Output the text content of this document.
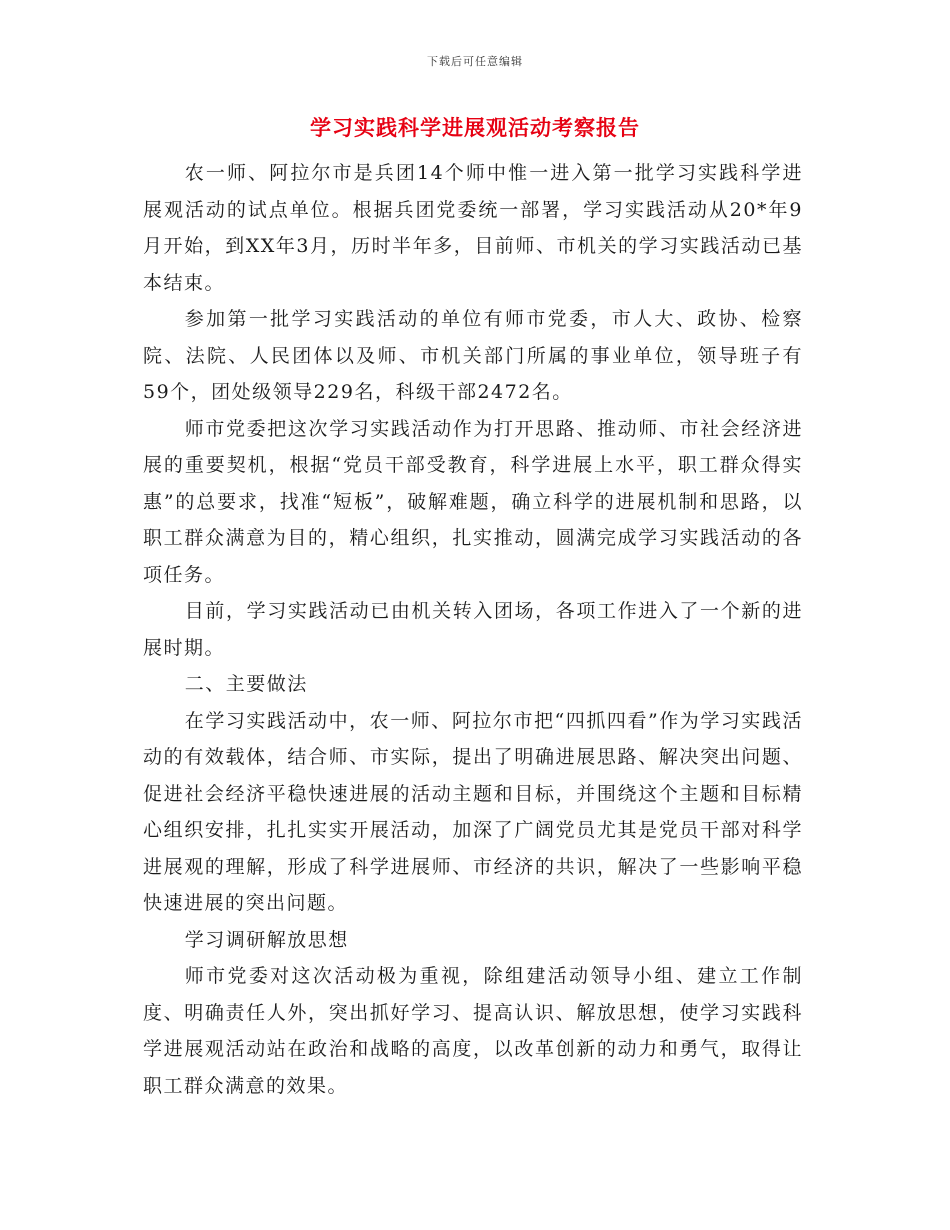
下载后可任意编辑
学习实践科学进展观活动考察报告

农一师、阿拉尔市是兵团14个师中惟一进入第一批学习实践科学进展观活动的试点单位。根据兵团党委统一部署，学习实践活动从20*年9月开始，到XX年3月，历时半年多，目前师、市机关的学习实践活动已基本结束。

参加第一批学习实践活动的单位有师市党委，市人大、政协、检察院、法院、人民团体以及师、市机关部门所属的事业单位，领导班子有59个，团处级领导229名，科级干部2472名。

师市党委把这次学习实践活动作为打开思路、推动师、市社会经济进展的重要契机，根据“党员干部受教育，科学进展上水平，职工群众得实惠”的总要求，找准“短板”，破解难题，确立科学的进展机制和思路，以职工群众满意为目的，精心组织，扎实推动，圆满完成学习实践活动的各项任务。

目前，学习实践活动已由机关转入团场，各项工作进入了一个新的进展时期。

二、主要做法

在学习实践活动中，农一师、阿拉尔市把“四抓四看”作为学习实践活动的有效载体，结合师、市实际，提出了明确进展思路、解决突出问题、促进社会经济平稳快速进展的活动主题和目标，并围绕这个主题和目标精心组织安排，扎扎实实开展活动，加深了广阔党员尤其是党员干部对科学进展观的理解，形成了科学进展师、市经济的共识，解决了一些影响平稳快速进展的突出问题。

学习调研解放思想

师市党委对这次活动极为重视，除组建活动领导小组、建立工作制度、明确责任人外，突出抓好学习、提高认识、解放思想，使学习实践科学进展观活动站在政治和战略的高度，以改革创新的动力和勇气，取得让职工群众满意的效果。
